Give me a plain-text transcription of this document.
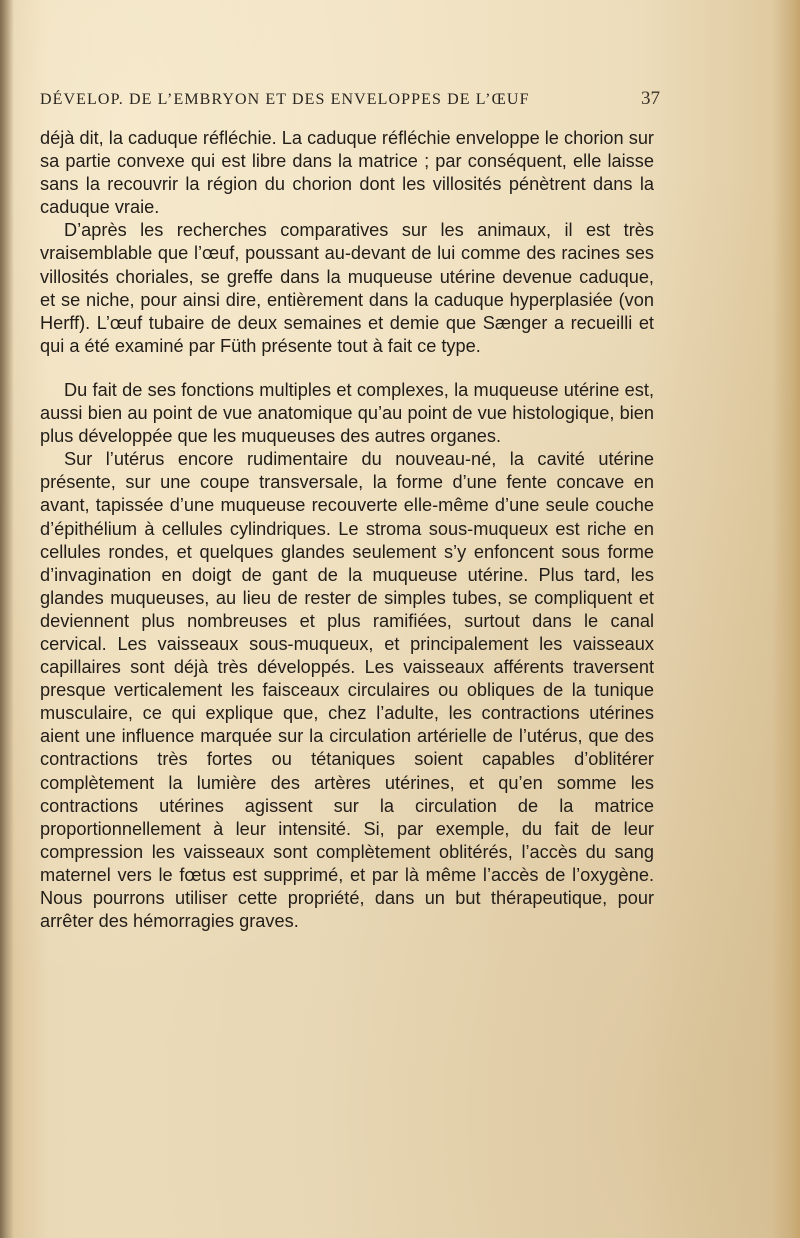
DÉVELOP. DE L’EMBRYON ET DES ENVELOPPES DE L’ŒUF	37

déjà dit, la caduque réfléchie. La caduque réfléchie enveloppe le chorion sur sa partie convexe qui est libre dans la matrice ; par conséquent, elle laisse sans la recouvrir la région du chorion dont les villosités pénètrent dans la caduque vraie.

D’après les recherches comparatives sur les animaux, il est très vraisemblable que l’œuf, poussant au-devant de lui comme des racines ses villosités choriales, se greffe dans la muqueuse utérine devenue caduque, et se niche, pour ainsi dire, entièrement dans la caduque hyperplasiée (von Herff). L’œuf tubaire de deux semaines et demie que Sænger a recueilli et qui a été examiné par Füth présente tout à fait ce type.

Du fait de ses fonctions multiples et complexes, la muqueuse utérine est, aussi bien au point de vue anatomique qu’au point de vue histologique, bien plus développée que les muqueuses des autres organes.

Sur l’utérus encore rudimentaire du nouveau-né, la cavité utérine présente, sur une coupe transversale, la forme d’une fente concave en avant, tapissée d’une muqueuse recouverte elle-même d’une seule couche d’épithélium à cellules cylindriques. Le stroma sous-muqueux est riche en cellules rondes, et quelques glandes seulement s’y enfoncent sous forme d’invagination en doigt de gant de la muqueuse utérine. Plus tard, les glandes muqueuses, au lieu de rester de simples tubes, se compliquent et deviennent plus nombreuses et plus ramifiées, surtout dans le canal cervical. Les vaisseaux sous-muqueux, et principalement les vaisseaux capillaires sont déjà très développés. Les vaisseaux afférents traversent presque verticalement les faisceaux circulaires ou obliques de la tunique musculaire, ce qui explique que, chez l’adulte, les contractions utérines aient une influence marquée sur la circulation artérielle de l’utérus, que des contractions très fortes ou tétaniques soient capables d’oblitérer complètement la lumière des artères utérines, et qu’en somme les contractions utérines agissent sur la circulation de la matrice proportionnellement à leur intensité. Si, par exemple, du fait de leur compression les vaisseaux sont complètement oblitérés, l’accès du sang maternel vers le fœtus est supprimé, et par là même l’accès de l’oxygène. Nous pourrons utiliser cette propriété, dans un but thérapeutique, pour arrêter des hémorragies graves.
